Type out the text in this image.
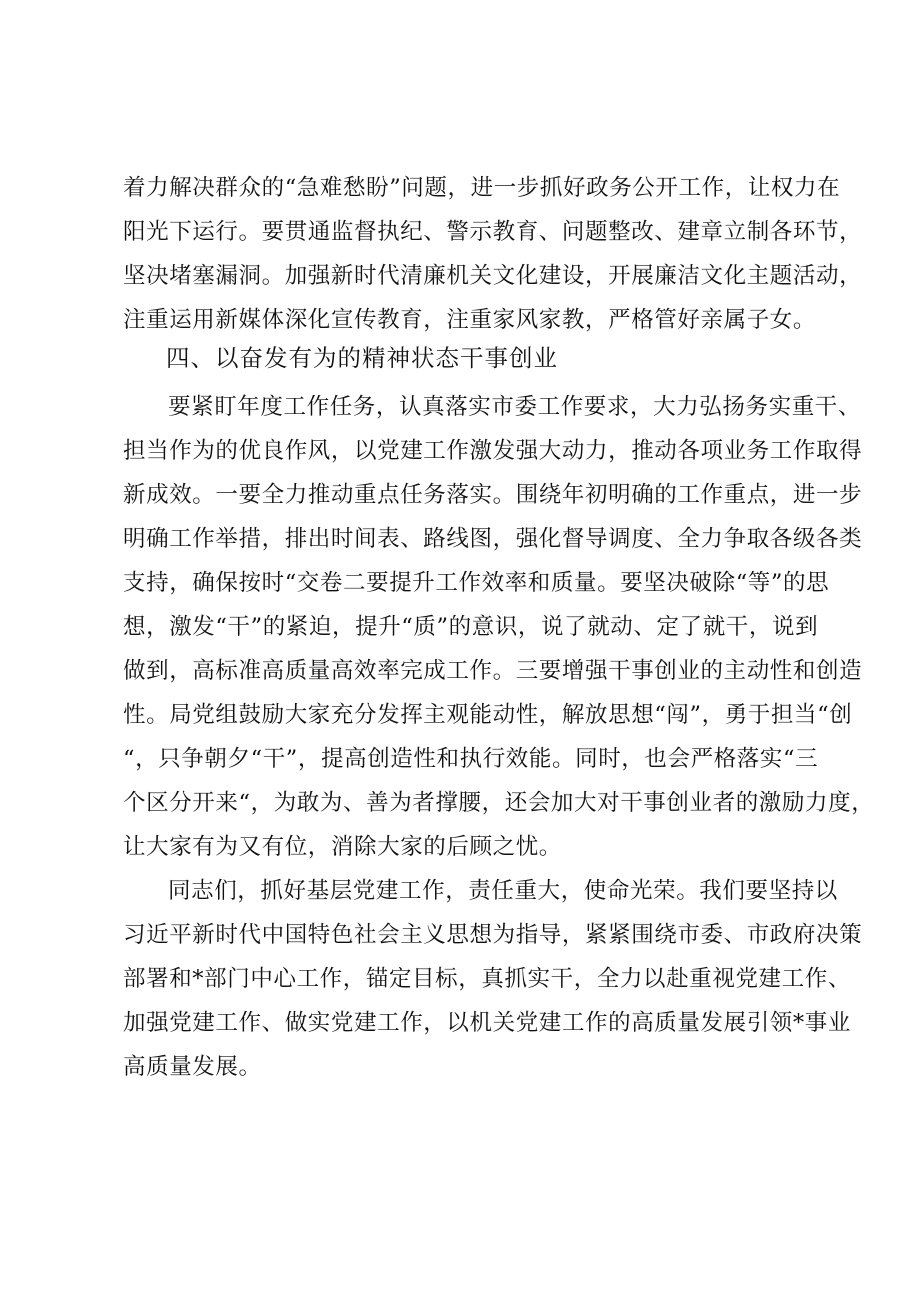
着力解决群众的“急难愁盼”问题，进一步抓好政务公开工作，让权力在
阳光下运行。要贯通监督执纪、警示教育、问题整改、建章立制各环节，
坚决堵塞漏洞。加强新时代清廉机关文化建设，开展廉洁文化主题活动，
注重运用新媒体深化宣传教育，注重家风家教，严格管好亲属子女。
四、以奋发有为的精神状态干事创业
要紧盯年度工作任务，认真落实市委工作要求，大力弘扬务实重干、
担当作为的优良作风，以党建工作激发强大动力，推动各项业务工作取得
新成效。一要全力推动重点任务落实。围绕年初明确的工作重点，进一步
明确工作举措，排出时间表、路线图，强化督导调度、全力争取各级各类
支持，确保按时“交卷二要提升工作效率和质量。要坚决破除“等”的思
想，激发“干”的紧迫，提升“质”的意识，说了就动、定了就干，说到
做到，高标准高质量高效率完成工作。三要增强干事创业的主动性和创造
性。局党组鼓励大家充分发挥主观能动性，解放思想“闯”，勇于担当“创
“，只争朝夕“干”，提高创造性和执行效能。同时，也会严格落实“三
个区分开来“，为敢为、善为者撑腰，还会加大对干事创业者的激励力度，
让大家有为又有位，消除大家的后顾之忧。
同志们，抓好基层党建工作，责任重大，使命光荣。我们要坚持以
习近平新时代中国特色社会主义思想为指导，紧紧围绕市委、市政府决策
部署和*部门中心工作，锚定目标，真抓实干，全力以赴重视党建工作、
加强党建工作、做实党建工作，以机关党建工作的高质量发展引领*事业
高质量发展。
